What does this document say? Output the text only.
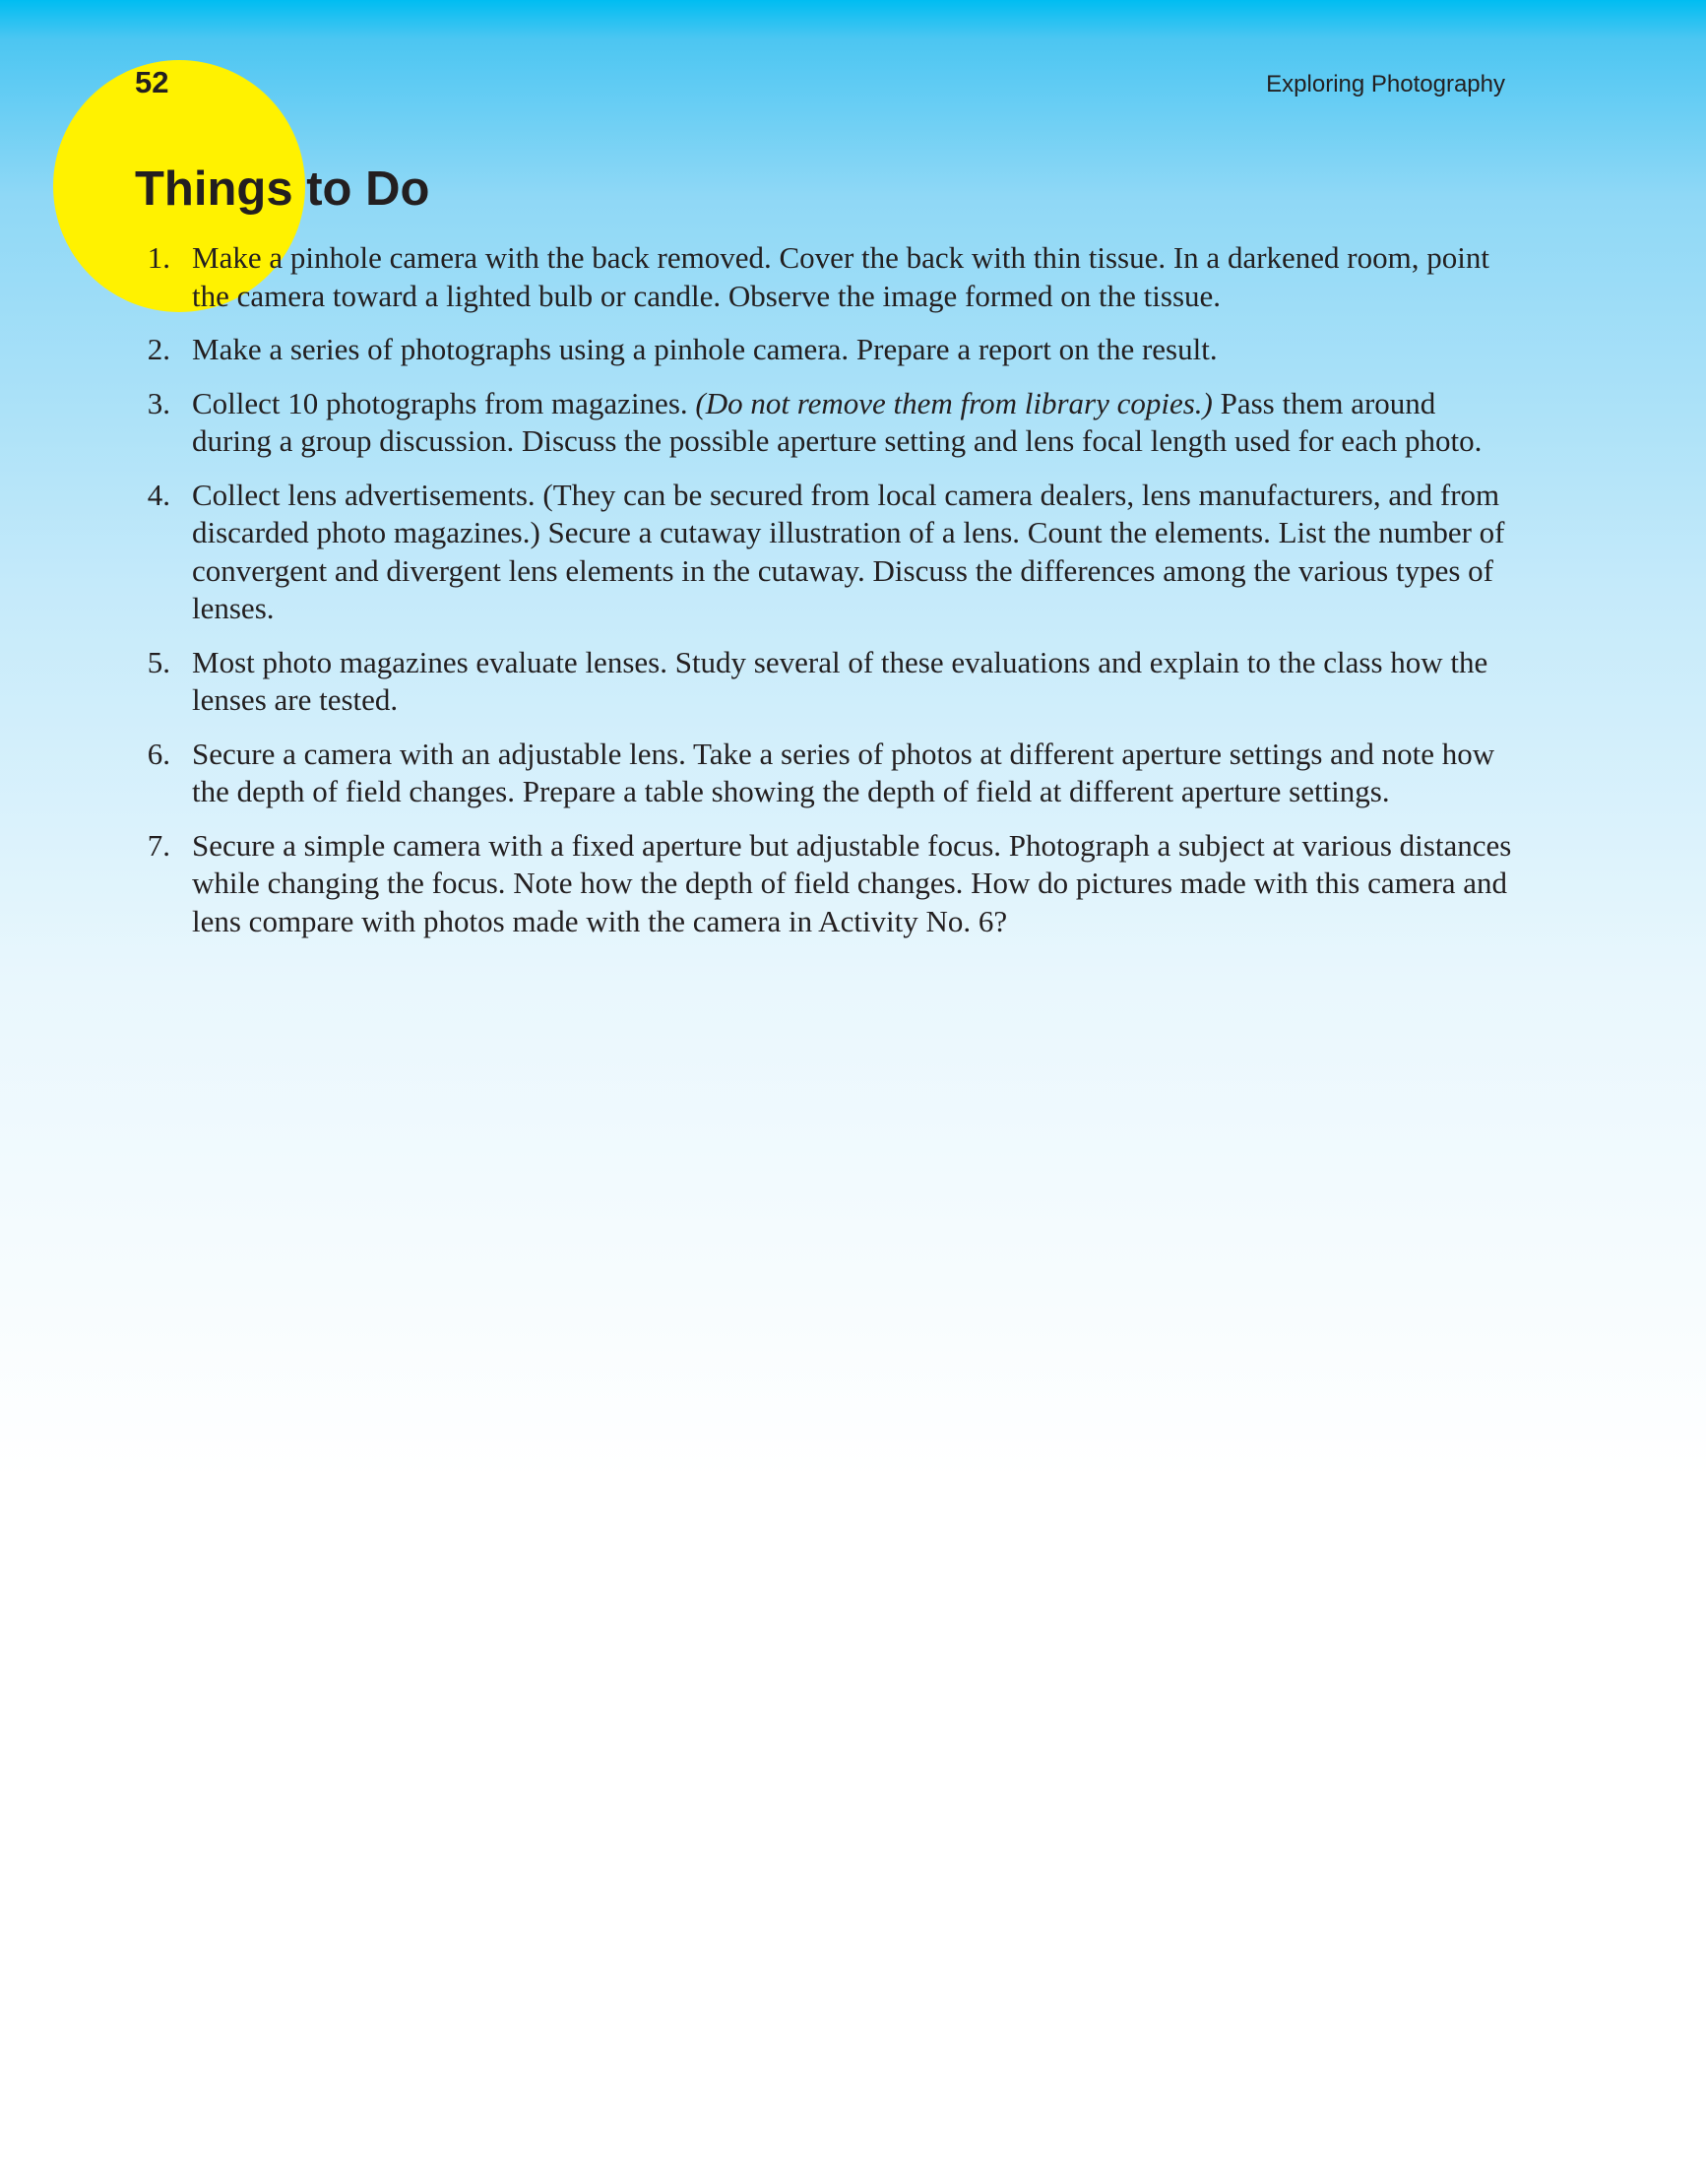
52	Exploring Photography
Things to Do
1. Make a pinhole camera with the back removed. Cover the back with thin tissue. In a darkened room, point the camera toward a lighted bulb or candle. Observe the image formed on the tissue.
2. Make a series of photographs using a pinhole camera. Prepare a report on the result.
3. Collect 10 photographs from magazines. (Do not remove them from library copies.) Pass them around during a group discussion. Discuss the possible aperture setting and lens focal length used for each photo.
4. Collect lens advertisements. (They can be secured from local camera dealers, lens manufacturers, and from discarded photo magazines.) Secure a cutaway illustration of a lens. Count the elements. List the number of convergent and divergent lens elements in the cutaway. Discuss the differences among the various types of lenses.
5. Most photo magazines evaluate lenses. Study several of these evaluations and explain to the class how the lenses are tested.
6. Secure a camera with an adjustable lens. Take a series of photos at different aperture settings and note how the depth of field changes. Prepare a table showing the depth of field at different aperture settings.
7. Secure a simple camera with a fixed aperture but adjustable focus. Photograph a subject at various distances while changing the focus. Note how the depth of field changes. How do pictures made with this camera and lens compare with photos made with the camera in Activity No. 6?
